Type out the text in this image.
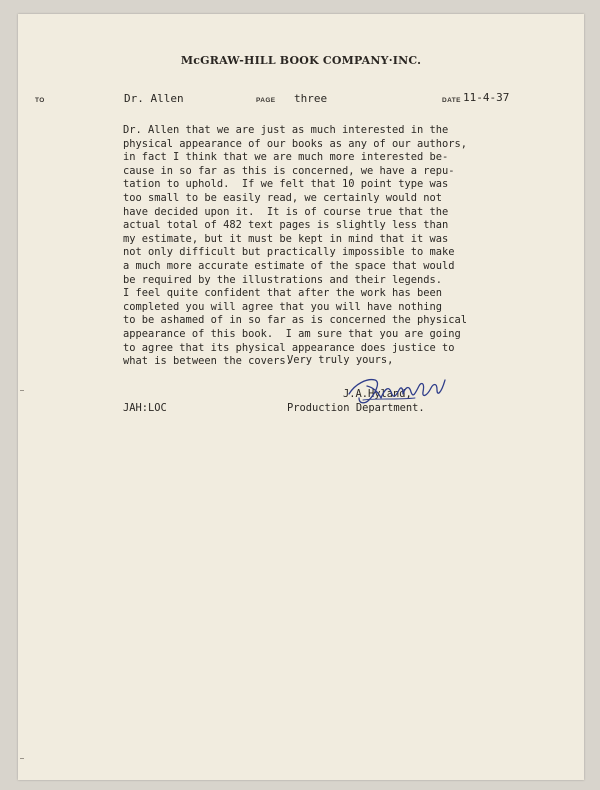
McGRAW-HILL BOOK COMPANY·INC.
TO	Dr. Allen	PAGE three	DATE 11-4-37
Dr. Allen that we are just as much interested in the
physical appearance of our books as any of our authors,
in fact I think that we are much more interested be-
cause in so far as this is concerned, we have a repu-
tation to uphold.  If we felt that 10 point type was
too small to be easily read, we certainly would not
have decided upon it.  It is of course true that the
actual total of 482 text pages is slightly less than
my estimate, but it must be kept in mind that it was
not only difficult but practically impossible to make
a much more accurate estimate of the space that would
be required by the illustrations and their legends.
I feel quite confident that after the work has been
completed you will agree that you will have nothing
to be ashamed of in so far as is concerned the physical
appearance of this book.  I am sure that you are going
to agree that its physical appearance does justice to
what is between the covers.
Very truly yours,
J.A.Hyland,
Production Department.
JAH:LOC
